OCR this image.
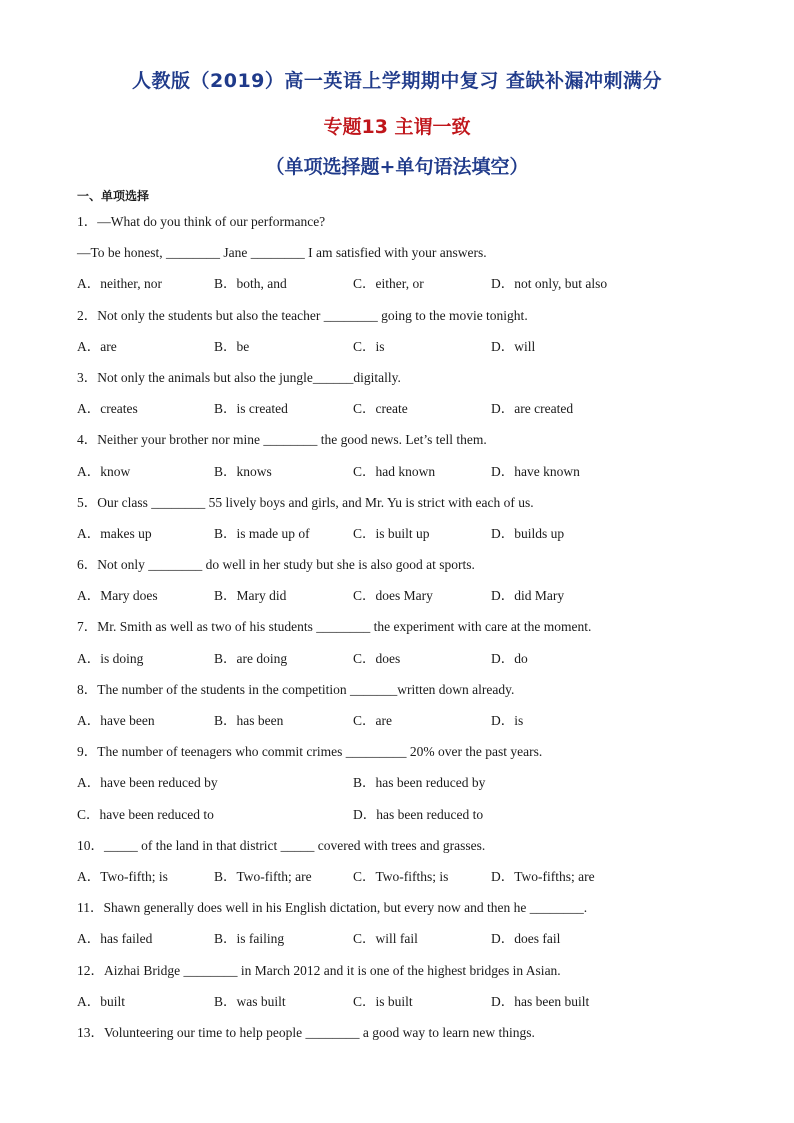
人教版（2019）高一英语上学期期中复习 查缺补漏冲刺满分
专题13 主谓一致
（单项选择题+单句语法填空）
一、单项选择
1．—What do you think of our performance?
—To be honest, ________ Jane ________ I am satisfied with your answers.
A．neither, nor	B．both, and	C．either, or	D．not only, but also
2．Not only the students but also the teacher ________ going to the movie tonight.
A．are	B．be	C．is	D．will
3．Not only the animals but also the jungle______digitally.
A．creates	B．is created	C．create	D．are created
4．Neither your brother nor mine ________ the good news. Let’s tell them.
A．know	B．knows	C．had known	D．have known
5．Our class ________ 55 lively boys and girls, and Mr. Yu is strict with each of us.
A．makes up	B．is made up of	C．is built up	D．builds up
6．Not only ________ do well in her study but she is also good at sports.
A．Mary does	B．Mary did	C．does Mary	D．did Mary
7．Mr. Smith as well as two of his students ________ the experiment with care at the moment.
A．is doing	B．are doing	C．does	D．do
8．The number of the students in the competition _______written down already.
A．have been	B．has been	C．are	D．is
9．The number of teenagers who commit crimes _________ 20% over the past years.
A．have been reduced by	B．has been reduced by
C．have been reduced to	D．has been reduced to
10．_____ of the land in that district _____ covered with trees and grasses.
A．Two-fifth; is	B．Two-fifth; are	C．Two-fifths; is	D．Two-fifths; are
11．Shawn generally does well in his English dictation, but every now and then he ________.
A．has failed	B．is failing	C．will fail	D．does fail
12．Aizhai Bridge ________ in March 2012 and it is one of the highest bridges in Asian.
A．built	B．was built	C．is built	D．has been built
13．Volunteering our time to help people ________ a good way to learn new things.
